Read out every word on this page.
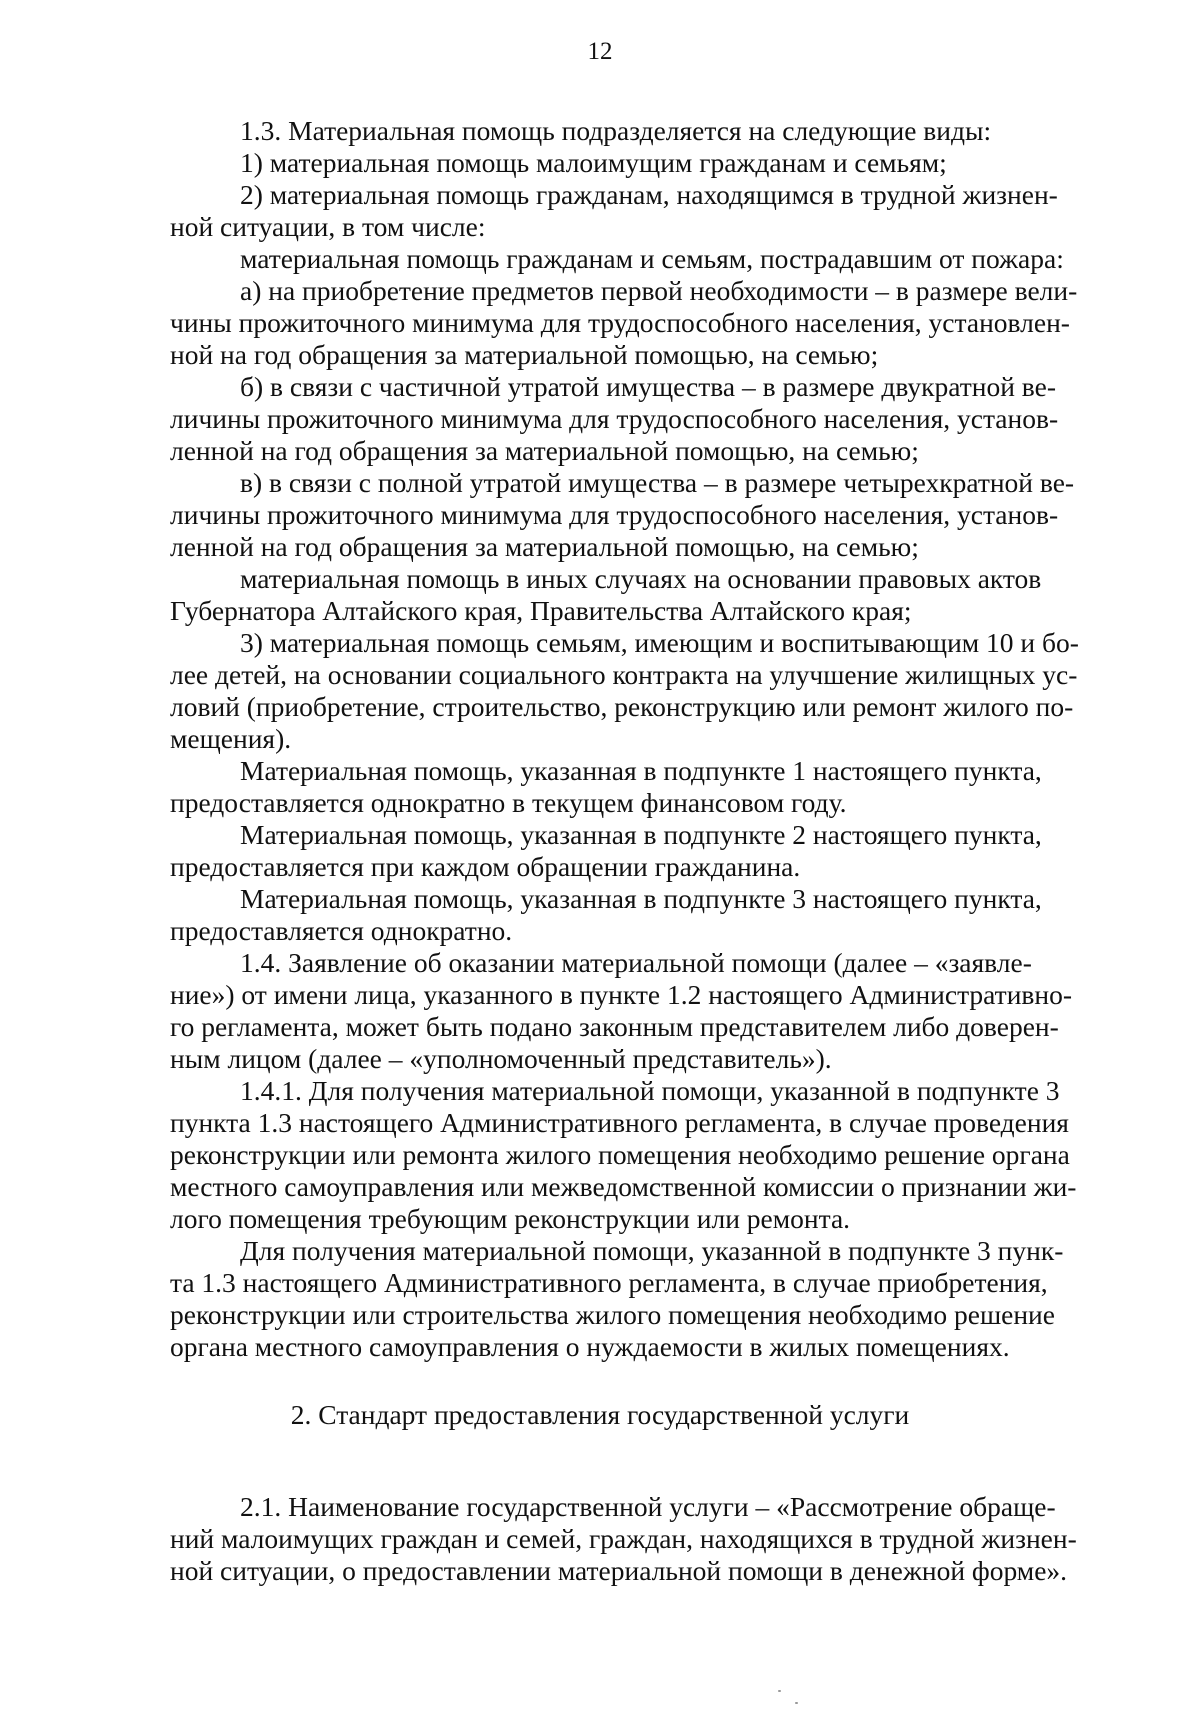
12
1.3. Материальная помощь подразделяется на следующие виды:
1) материальная помощь малоимущим гражданам и семьям;
2) материальная помощь гражданам, находящимся в трудной жизнен-
ной ситуации, в том числе:
материальная помощь гражданам и семьям, пострадавшим от пожара:
а) на приобретение предметов первой необходимости – в размере вели-
чины прожиточного минимума для трудоспособного населения, установлен-
ной на год обращения за материальной помощью, на семью;
б) в связи с частичной утратой имущества – в размере двукратной ве-
личины прожиточного минимума для трудоспособного населения, установ-
ленной на год обращения за материальной помощью, на семью;
в) в связи с полной утратой имущества – в размере четырехкратной ве-
личины прожиточного минимума для трудоспособного населения, установ-
ленной на год обращения за материальной помощью, на семью;
материальная помощь в иных случаях на основании правовых актов
Губернатора Алтайского края, Правительства Алтайского края;
3) материальная помощь семьям, имеющим и воспитывающим 10 и бо-
лее детей, на основании социального контракта на улучшение жилищных ус-
ловий (приобретение, строительство, реконструкцию или ремонт жилого по-
мещения).
Материальная помощь, указанная в подпункте 1 настоящего пункта,
предоставляется однократно в текущем финансовом году.
Материальная помощь, указанная в подпункте 2 настоящего пункта,
предоставляется при каждом обращении гражданина.
Материальная помощь, указанная в подпункте 3 настоящего пункта,
предоставляется однократно.
1.4. Заявление об оказании материальной помощи (далее – «заявле-
ние») от имени лица, указанного в пункте 1.2 настоящего Административно-
го регламента, может быть подано законным представителем либо доверен-
ным лицом (далее – «уполномоченный представитель»).
1.4.1. Для получения материальной помощи, указанной в подпункте 3
пункта 1.3 настоящего Административного регламента, в случае проведения
реконструкции или ремонта жилого помещения необходимо решение органа
местного самоуправления или межведомственной комиссии о признании жи-
лого помещения требующим реконструкции или ремонта.
Для получения материальной помощи, указанной в подпункте 3 пунк-
та 1.3 настоящего Административного регламента, в случае приобретения,
реконструкции или строительства жилого помещения необходимо решение
органа местного самоуправления о нуждаемости в жилых помещениях.
2. Стандарт предоставления государственной услуги
2.1. Наименование государственной услуги – «Рассмотрение обраще-
ний малоимущих граждан и семей, граждан, находящихся в трудной жизнен-
ной ситуации, о предоставлении материальной помощи в денежной форме».
